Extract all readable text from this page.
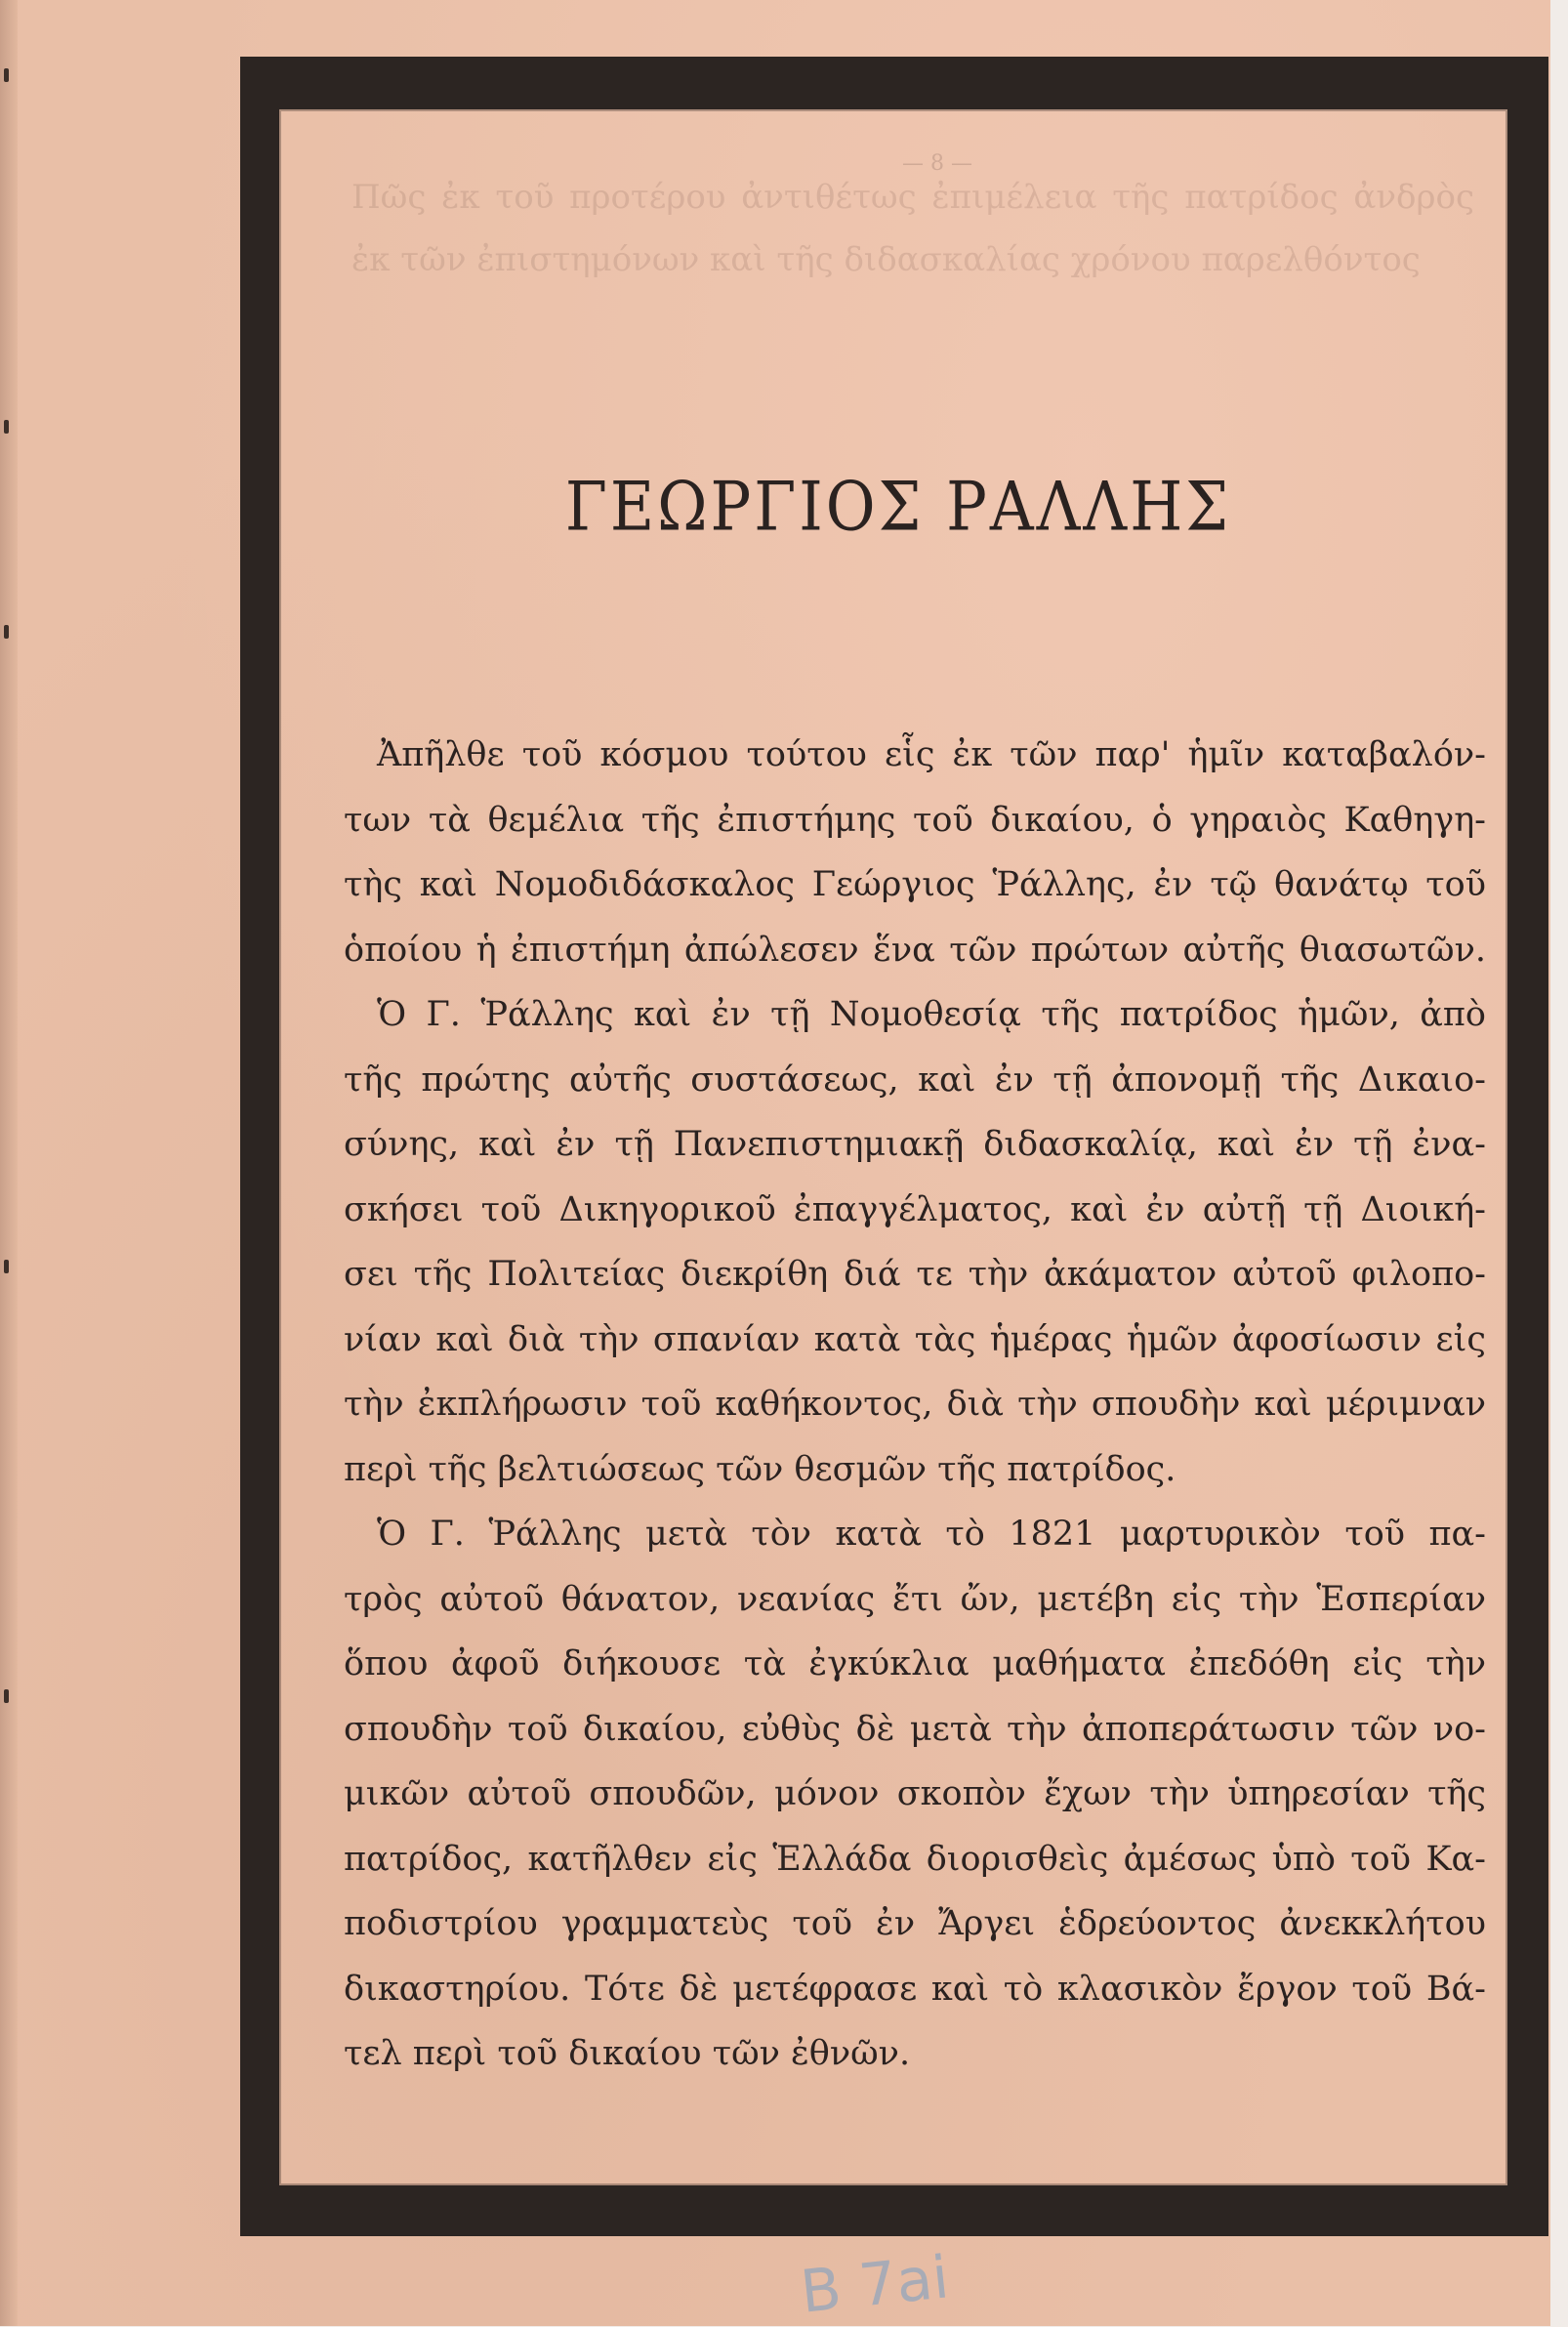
— 8 —
Πῶς ἐκ τοῦ προτέρου ἀντιθέτως ἐπιμέλεια τῆς πατρίδος ἀνδρὸς ἐκ τῶν ἐπιστημόνων καὶ τῆς διδασκαλίας χρόνου παρελθόντος
ΓΕΩΡΓΙΟΣ ΡΑΛΛΗΣ
Ἀπῆλθε τοῦ κόσμου τούτου εἷς ἐκ τῶν παρ' ἡμῖν καταβαλόν-
των τὰ θεμέλια τῆς ἐπιστήμης τοῦ δικαίου, ὁ γηραιὸς Καθηγη-
τὴς καὶ Νομοδιδάσκαλος Γεώργιος Ῥάλλης, ἐν τῷ θανάτῳ τοῦ
ὁποίου ἡ ἐπιστήμη ἀπώλεσεν ἕνα τῶν πρώτων αὐτῆς θιασωτῶν.
Ὁ Γ. Ῥάλλης καὶ ἐν τῇ Νομοθεσίᾳ τῆς πατρίδος ἡμῶν, ἀπὸ
τῆς πρώτης αὐτῆς συστάσεως, καὶ ἐν τῇ ἀπονομῇ τῆς Δικαιο-
σύνης, καὶ ἐν τῇ Πανεπιστημιακῇ διδασκαλίᾳ, καὶ ἐν τῇ ἐνα-
σκήσει τοῦ Δικηγορικοῦ ἐπαγγέλματος, καὶ ἐν αὐτῇ τῇ Διοική-
σει τῆς Πολιτείας διεκρίθη διά τε τὴν ἀκάματον αὐτοῦ φιλοπο-
νίαν καὶ διὰ τὴν σπανίαν κατὰ τὰς ἡμέρας ἡμῶν ἀφοσίωσιν εἰς
τὴν ἐκπλήρωσιν τοῦ καθήκοντος, διὰ τὴν σπουδὴν καὶ μέριμναν
περὶ τῆς βελτιώσεως τῶν θεσμῶν τῆς πατρίδος.
Ὁ Γ. Ῥάλλης μετὰ τὸν κατὰ τὸ 1821 μαρτυρικὸν τοῦ πα-
τρὸς αὐτοῦ θάνατον, νεανίας ἔτι ὤν, μετέβη εἰς τὴν Ἑσπερίαν
ὅπου ἀφοῦ διήκουσε τὰ ἐγκύκλια μαθήματα ἐπεδόθη εἰς τὴν
σπουδὴν τοῦ δικαίου, εὐθὺς δὲ μετὰ τὴν ἀποπεράτωσιν τῶν νο-
μικῶν αὐτοῦ σπουδῶν, μόνον σκοπὸν ἔχων τὴν ὑπηρεσίαν τῆς
πατρίδος, κατῆλθεν εἰς Ἑλλάδα διορισθεὶς ἀμέσως ὑπὸ τοῦ Κα-
ποδιστρίου γραμματεὺς τοῦ ἐν Ἄργει ἑδρεύοντος ἀνεκκλήτου
δικαστηρίου. Τότε δὲ μετέφρασε καὶ τὸ κλασικὸν ἔργον τοῦ Βά-
τελ περὶ τοῦ δικαίου τῶν ἐθνῶν.
B 7ai
